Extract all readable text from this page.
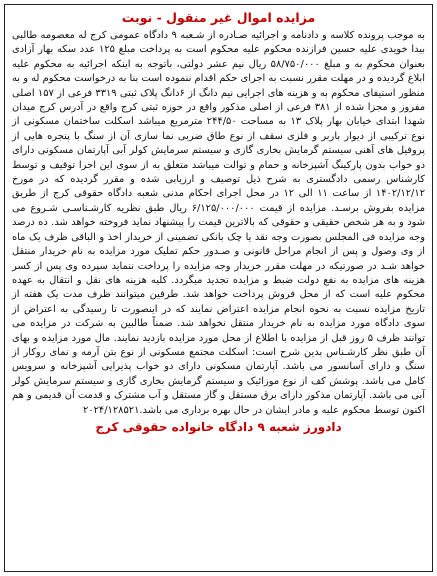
مزایده اموال غیر منقول - نوبت

به موجب پرونده کلاسه و دادنامه و اجرائیه صـادره از شـعبه ۹ دادگاه عمومی کرج له معصومه طالبی بیدا خویدی علیه حسین فرازنده محکوم علیه محکوم است به پرداخت مبلغ ۱۲۵ عدد سکه بهار آزادی بعنوان محکوم به و مبلغ ۵۸/۷۵۰/۰۰۰ ریال نیم عشر دولتی، باتوجه به اینکه اجرائیه به محکوم علیه ابلاغ گردیده و در مهلت مقرر نسبت به اجرای حکم اقدام ننموده است بنا به درخواست محکوم له و به منظور استیفای محکوم به و هزینه های اجرایی نیم دانگ از ۶دانگ پلاک ثبتی ۳۳۱۹ فرعی از ۱۵۷ اصلی مفروز و مجزا شده از ۳۸۱ فرعی از اصلی مذکور واقع در حوزه ثبتی کرج واقع در آدرس کرج میدان شهدا ابتدای خیابان بهار پلاک ۱۳ به مساحت ۲۴۴/۵۰ مترمربع میباشد اسکلت ساختمان مسکونی از نوع ترکیبی از دیوار باربر و فلزی سقف از نوع طاق ضربی نما سازی آن از سنگ با پنجره هایی از پروفیل های آهنی سیستم گرمایش بخاری گازی و سیستم سرمایش کولر آبی آپارتمان مسکونی دارای دو خواب بدون پارکینگ آشپزخانه و حمام و توالت میباشد متعلق به از سوی این اجرا توقیف و توسط کارشناس رسمی دادگستری به شرح ذیل توصیف و ارزیابی شده و مقرر گردیده که در مورخ ۱۴۰۲/۱۲/۱۲ از ساعت ۱۱ الی ۱۲ در محل اجرای احکام مدنی شعبه دادگاه حقوقی کرج از طریق مزایده بفروش برسـد. مزایده از قیمت ۶/۱۲۵/۰۰۰/۰۰۰ ریال طبق نظریه کارشـناسـی شـروع می شود و به هر شخص حقیقی و حقوقی که بالاترین قیمت را پیشنهاد نماید فروخته خواهد شد. ده درصد وجه مزایده فی المجلس بصورت وجه نقد یا چک بانکی تضمینی از خریدار اخذ و الباقی ظرف یک ماه از وی وصول و پس از انجام مراحل قانونی و صـدور حکم تملیک مورد مزایده به نام خریدار منتقل خواهد شـد در صورتیکه در مهلت مقرر خریدار وجه مزایده را پرداخت ننماید سپرده وی پس از کسر هزینه های مزایده به نفع دولت ضبط و مزایده تجدید میگردد. کلیه هزینه های نقل و انتقال به عهده محکوم علیه است که از محل فروش پرداخت خواهد شد. طرفین میتوانند ظرف مدت یک هفته از تاریخ مزایده نسبت به نحوه انجام مزایده اعتراض نمایند که در اینصورت تا رسیدگی به اعتراض از سوی دادگاه مورد مزایده به نام خریدار منتقل نخواهد شد. ضمناً طالبین به شرکت در مزایده می توانند ظرف ۵ روز قبل از مزایده با اطلاع از محل مورد مزایده بازدید نمایند. مال مورد مزایده و بهای آن طبق نظر کارشـناس بدین شرح است: اسکلت مجتمع مسکونی از نوع بتن آرمه و نمای روکار از سنگ و دارای آسانسور می باشد. آپارتمان مسکونی دارای دو خواب پذیرایی آشپزخانه و سرویس کامل می باشد. پوشش کف از نوع موزائیک و سیستم گرمایش بخاری گازی و سیستم سرمایش کولر آبی می باشد. آپارتمان مذکور دارای برق مستقل و گاز مستقل و آب مشترک و قدمت آن قدیمی و هم اکنون توسط محکوم علیه و مادر ایشان در حال بهره برداری می باشد.۲۰۲۴/۱۲۸۵۲۱

دادورز شعبه ۹ دادگاه خانواده حقوقی کرج
